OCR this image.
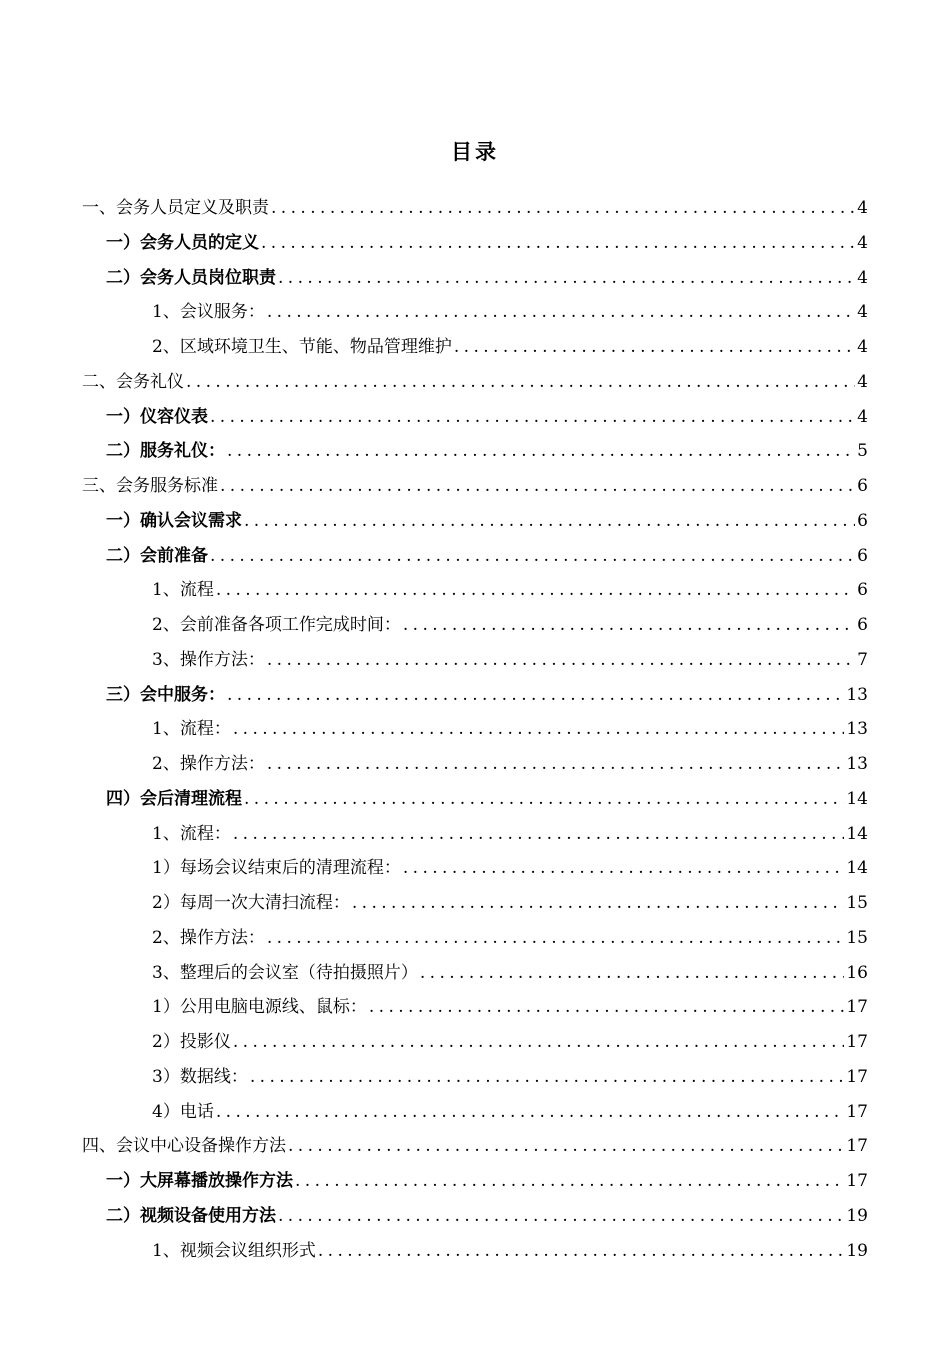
目录
一、会务人员定义及职责 . . .	4
一）会务人员的定义 . . .	4
二）会务人员岗位职责 . . .	4
1、会议服务： . . .	4
2、区域环境卫生、节能、物品管理维护 . . .	4
二、会务礼仪 . . .	4
一）仪容仪表 . . .	4
二）服务礼仪： . . .	5
三、会务服务标准 . . .	6
一）确认会议需求 . . .	6
二）会前准备 . . .	6
1、流程 . . .	6
2、会前准备各项工作完成时间： . . .	6
3、操作方法： . . .	7
三）会中服务： . . .	13
1、流程： . . .	13
2、操作方法： . . .	13
四）会后清理流程 . . .	14
1、流程： . . .	14
1）每场会议结束后的清理流程： . . .	14
2）每周一次大清扫流程： . . .	15
2、操作方法： . . .	15
3、整理后的会议室（待拍摄照片） . . .	16
1）公用电脑电源线、鼠标： . . .	17
2）投影仪 . . .	17
3）数据线： . . .	17
4）电话 . . .	17
四、会议中心设备操作方法 . . .	17
一）大屏幕播放操作方法 . . .	17
二）视频设备使用方法 . . .	19
1、视频会议组织形式 . . .	19
